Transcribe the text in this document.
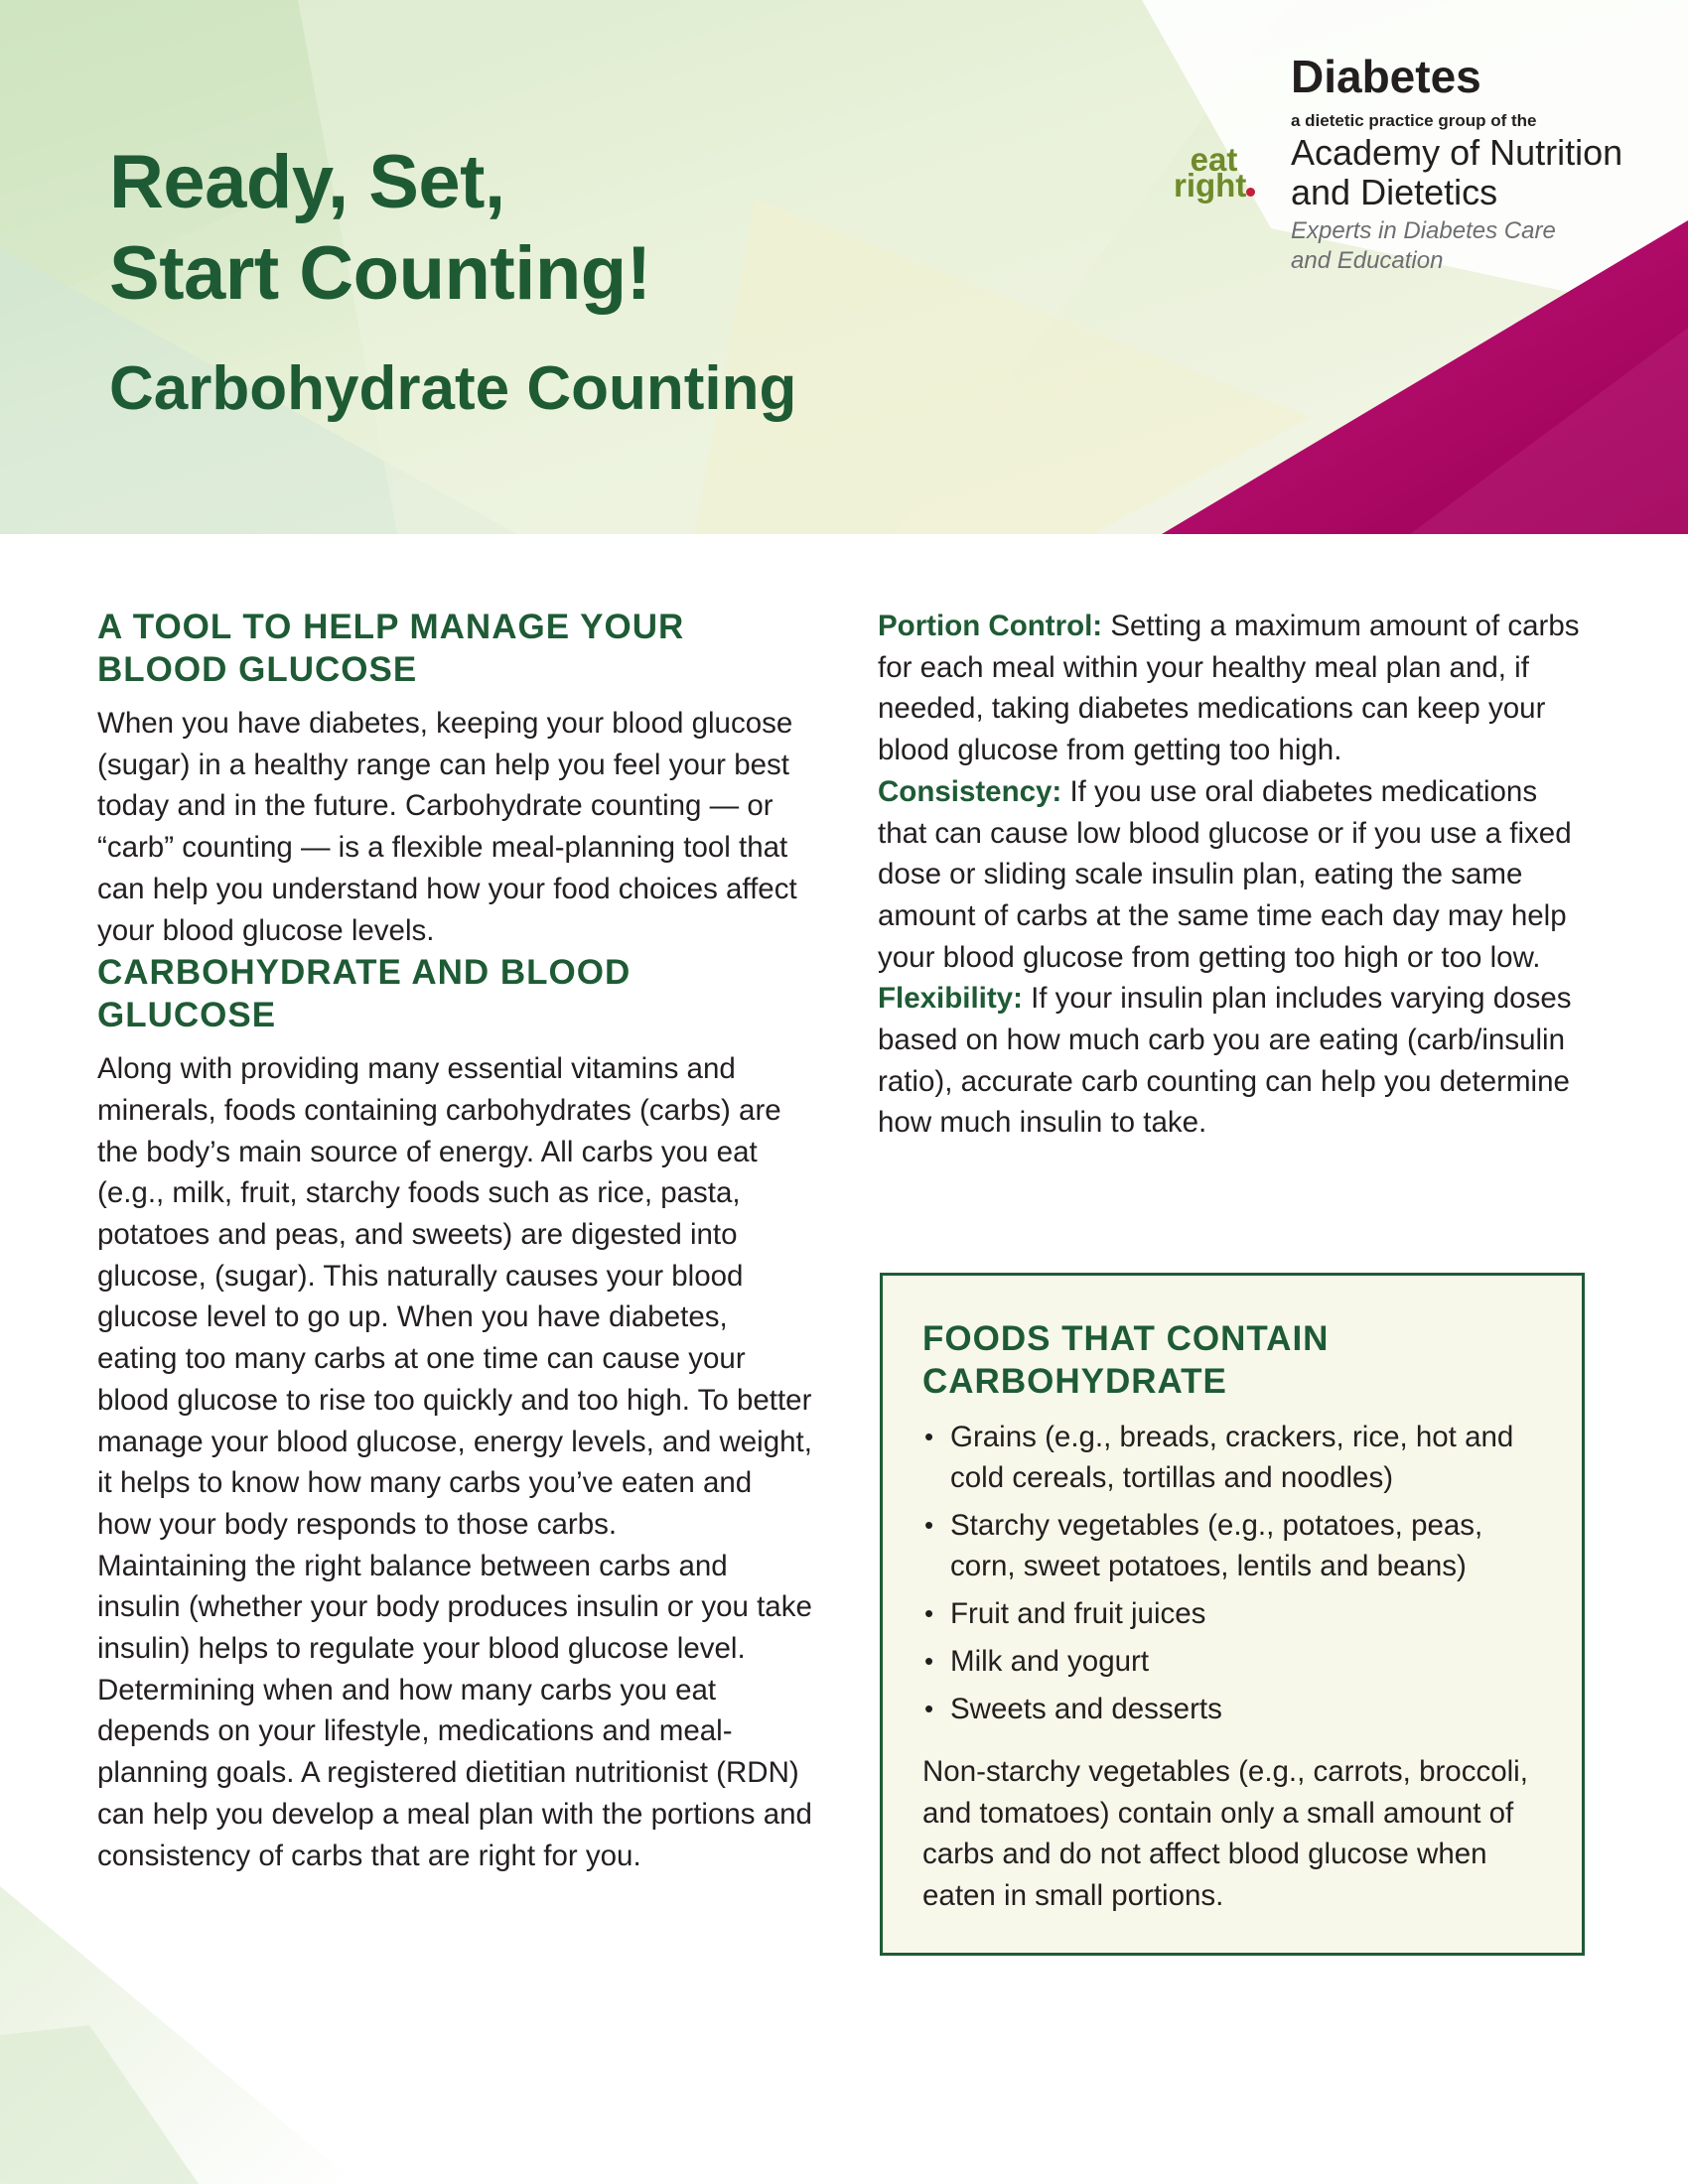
Ready, Set,
Start Counting!
Carbohydrate Counting
Diabetes
a dietetic practice group of the
Academy of Nutrition
and Dietetics
Experts in Diabetes Care
and Education
eat
right
A TOOL TO HELP MANAGE YOUR BLOOD GLUCOSE

When you have diabetes, keeping your blood glucose (sugar) in a healthy range can help you feel your best today and in the future. Carbohydrate counting — or “carb” counting — is a flexible meal-planning tool that can help you understand how your food choices affect your blood glucose levels.

CARBOHYDRATE AND BLOOD GLUCOSE

Along with providing many essential vitamins and minerals, foods containing carbohydrates (carbs) are the body’s main source of energy. All carbs you eat (e.g., milk, fruit, starchy foods such as rice, pasta, potatoes and peas, and sweets) are digested into glucose, (sugar). This naturally causes your blood glucose level to go up. When you have diabetes, eating too many carbs at one time can cause your blood glucose to rise too quickly and too high. To better manage your blood glucose, energy levels, and weight, it helps to know how many carbs you’ve eaten and how your body responds to those carbs.

Maintaining the right balance between carbs and insulin (whether your body produces insulin or you take insulin) helps to regulate your blood glucose level. Determining when and how many carbs you eat depends on your lifestyle, medications and meal-planning goals. A registered dietitian nutritionist (RDN) can help you develop a meal plan with the portions and consistency of carbs that are right for you.

Portion Control: Setting a maximum amount of carbs for each meal within your healthy meal plan and, if needed, taking diabetes medications can keep your blood glucose from getting too high.

Consistency: If you use oral diabetes medications that can cause low blood glucose or if you use a fixed dose or sliding scale insulin plan, eating the same amount of carbs at the same time each day may help your blood glucose from getting too high or too low.

Flexibility: If your insulin plan includes varying doses based on how much carb you are eating (carb/insulin ratio), accurate carb counting can help you determine how much insulin to take.

FOODS THAT CONTAIN CARBOHYDRATE
• Grains (e.g., breads, crackers, rice, hot and cold cereals, tortillas and noodles)
• Starchy vegetables (e.g., potatoes, peas, corn, sweet potatoes, lentils and beans)
• Fruit and fruit juices
• Milk and yogurt
• Sweets and desserts

Non-starchy vegetables (e.g., carrots, broccoli, and tomatoes) contain only a small amount of carbs and do not affect blood glucose when eaten in small portions.
